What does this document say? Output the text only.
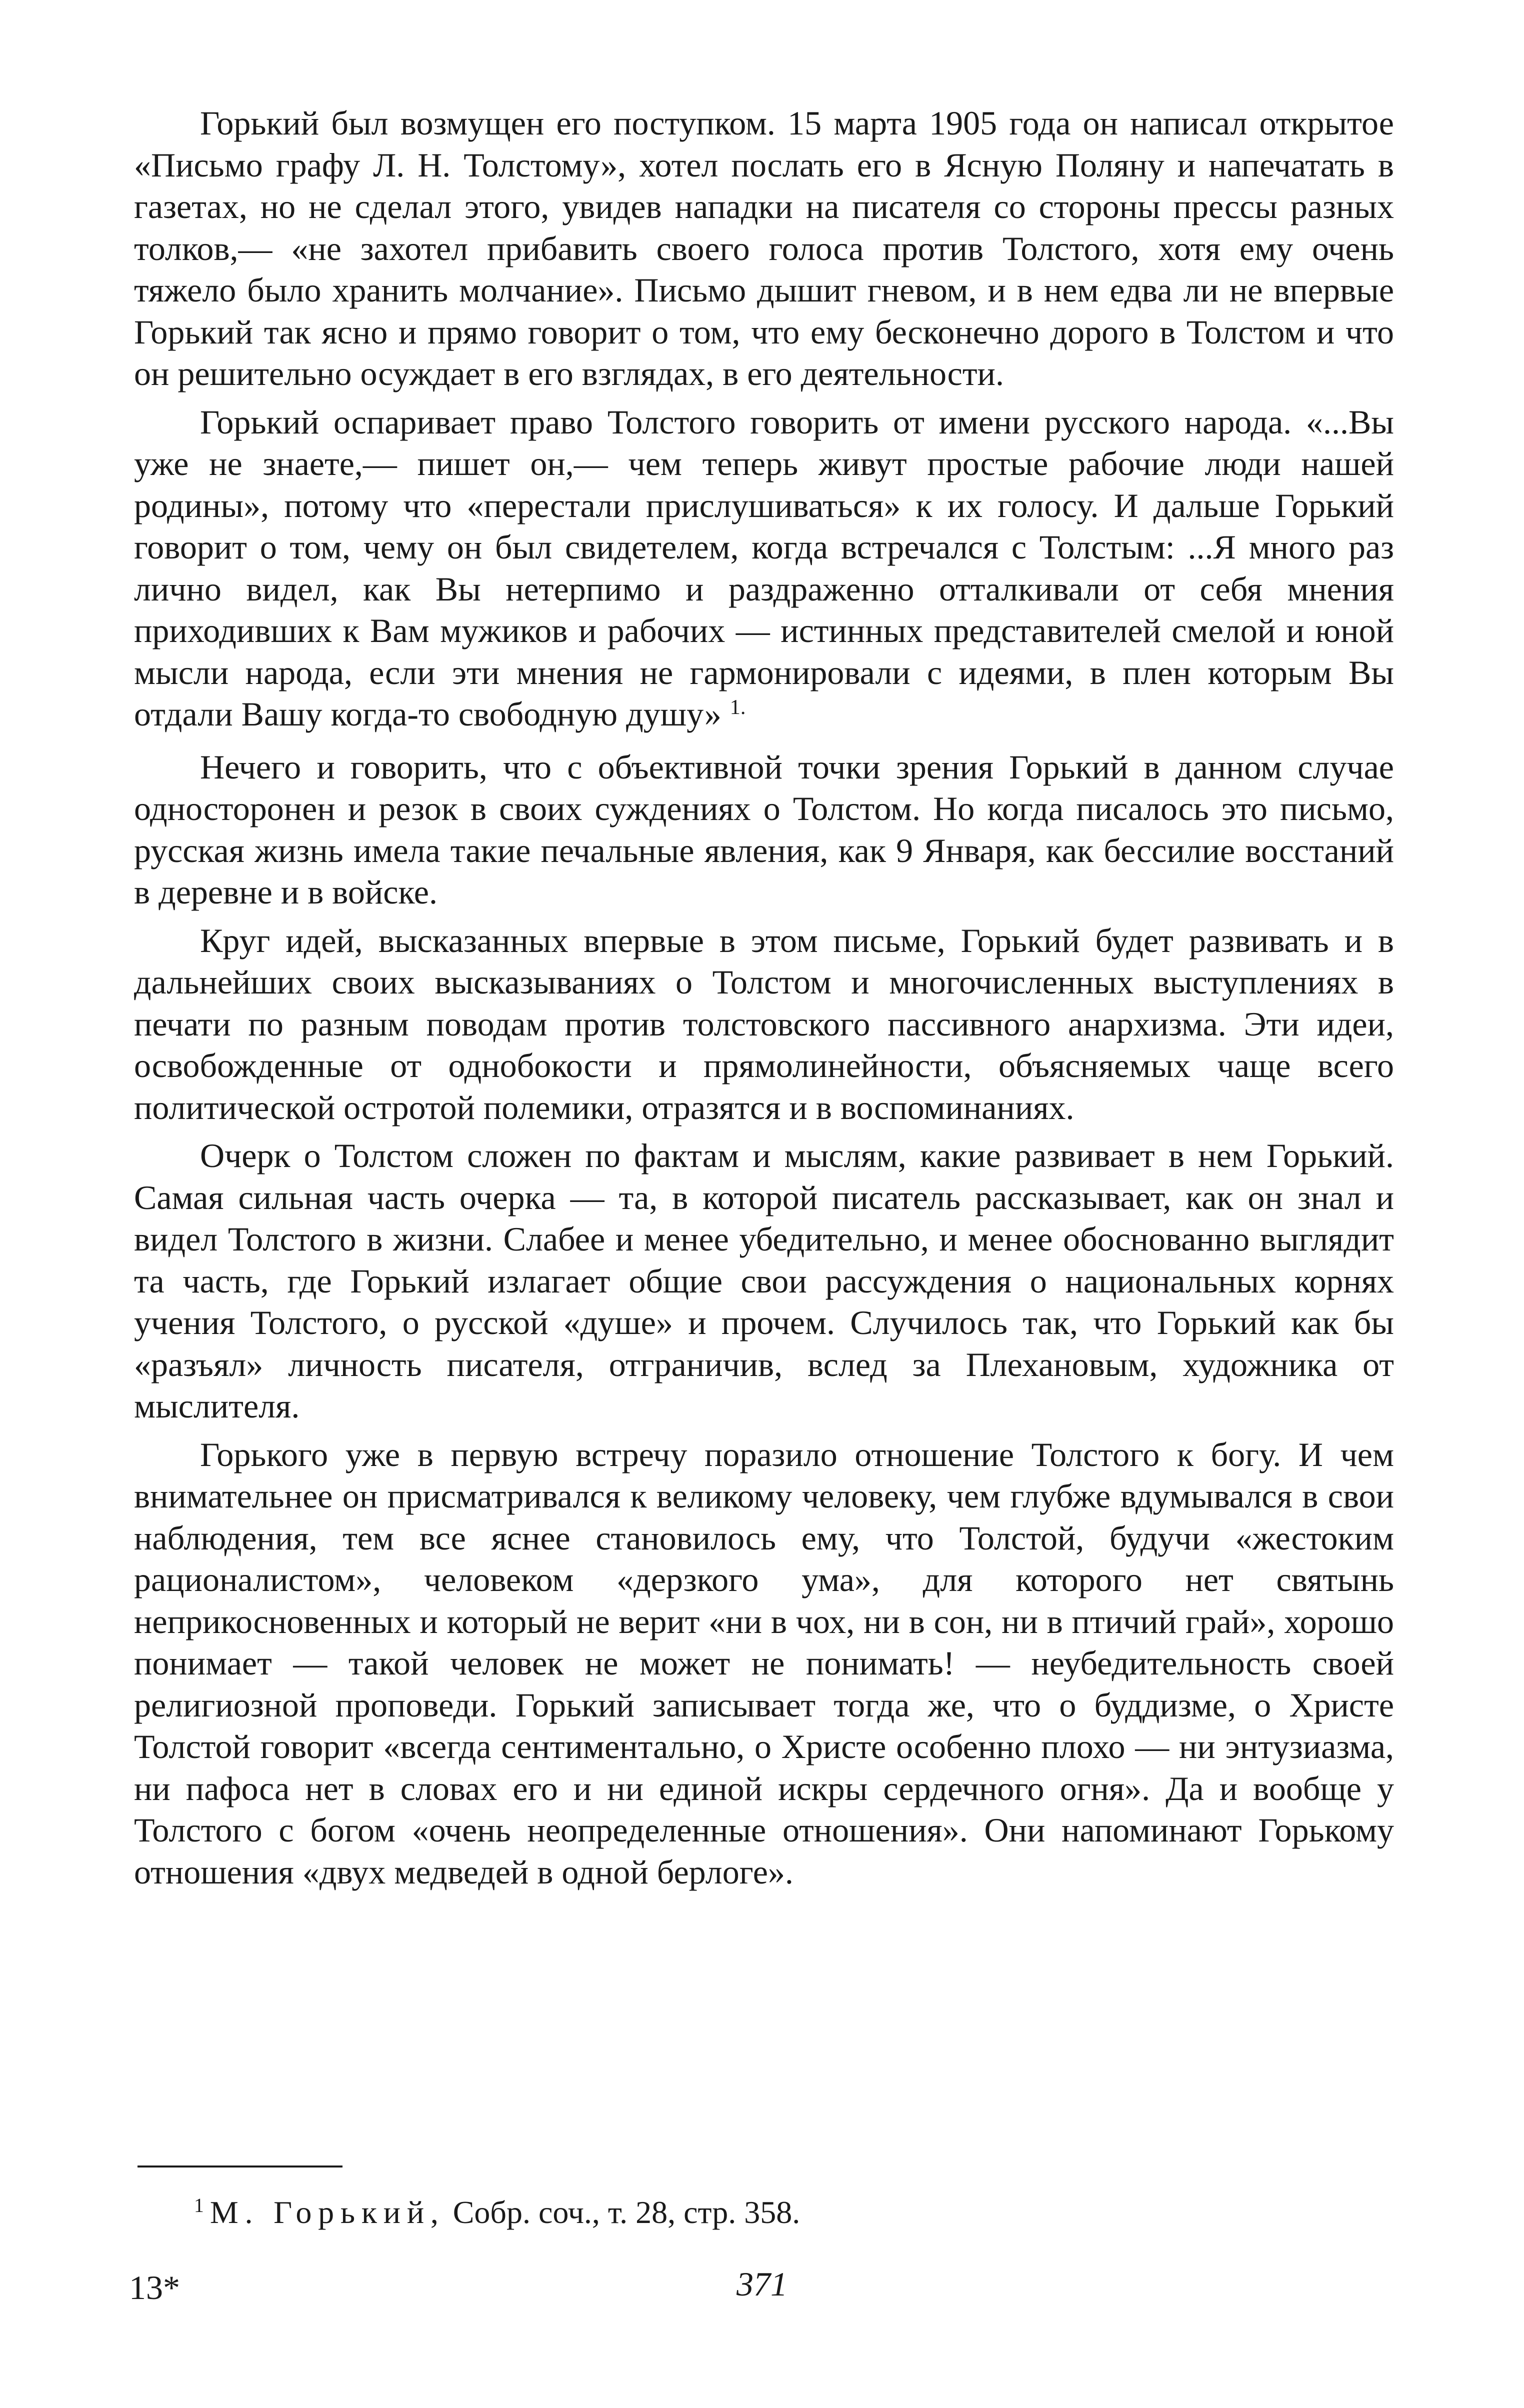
Горький был возмущен его поступком. 15 марта 1905 года он написал открытое «Письмо графу Л. Н. Толстому», хотел послать его в Ясную Поляну и напечатать в газетах, но не сделал этого, увидев нападки на писателя со стороны прессы разных толков,— «не захотел прибавить своего голоса против Толстого, хотя ему очень тяжело было хранить молчание». Письмо дышит гневом, и в нем едва ли не впервые Горький так ясно и прямо говорит о том, что ему бесконечно дорого в Толстом и что он решительно осуждает в его взглядах, в его деятельности.

Горький оспаривает право Толстого говорить от имени русского народа. «...Вы уже не знаете,— пишет он,— чем теперь живут простые рабочие люди нашей родины», потому что «перестали прислушиваться» к их голосу. И дальше Горький говорит о том, чему он был свидетелем, когда встречался с Толстым: ...Я много раз лично видел, как Вы нетерпимо и раздраженно отталкивали от себя мнения приходивших к Вам мужиков и рабочих — истинных представителей смелой и юной мысли народа, если эти мнения не гармонировали с идеями, в плен которым Вы отдали Вашу когда-то свободную душу» $^{1.}$

Нечего и говорить, что с объективной точки зрения Горький в данном случае односторонен и резок в своих суждениях о Толстом. Но когда писалось это письмо, русская жизнь имела такие печальные явления, как 9 Января, как бессилие восстаний в деревне и в войске.

Круг идей, высказанных впервые в этом письме, Горький будет развивать и в дальнейших своих высказываниях о Толстом и многочисленных выступлениях в печати по разным поводам против толстовского пассивного анархизма. Эти идеи, освобожденные от однобокости и прямолинейности, объясняемых чаще всего политической остротой полемики, отразятся и в воспоминаниях.

Очерк о Толстом сложен по фактам и мыслям, какие развивает в нем Горький. Самая сильная часть очерка — та, в которой писатель рассказывает, как он знал и видел Толстого в жизни. Слабее и менее убедительно, и менее обоснованно выглядит та часть, где Горький излагает общие свои рассуждения о национальных корнях учения Толстого, о русской «душе» и прочем. Случилось так, что Горький как бы «разъял» личность писателя, отграничив, вслед за Плехановым, художника от мыслителя.

Горького уже в первую встречу поразило отношение Толстого к богу. И чем внимательнее он присматривался к великому человеку, чем глубже вдумывался в свои наблюдения, тем все яснее становилось ему, что Толстой, будучи «жестоким рационалистом», человеком «дерзкого ума», для которого нет святынь неприкосновенных и который не верит «ни в чох, ни в сон, ни в птичий грай», хорошо понимает — такой человек не может не понимать! — неубедительность своей религиозной проповеди. Горький записывает тогда же, что о буддизме, о Христе Толстой говорит «всегда сентиментально, о Христе особенно плохо — ни энтузиазма, ни пафоса нет в словах его и ни единой искры сердечного огня». Да и вообще у Толстого с богом «очень неопределенные отношения». Они напоминают Горькому отношения «двух медведей в одной берлоге».

$^1$ М. Горький, Собр. соч., т. 28, стр. 358.
13*	371
